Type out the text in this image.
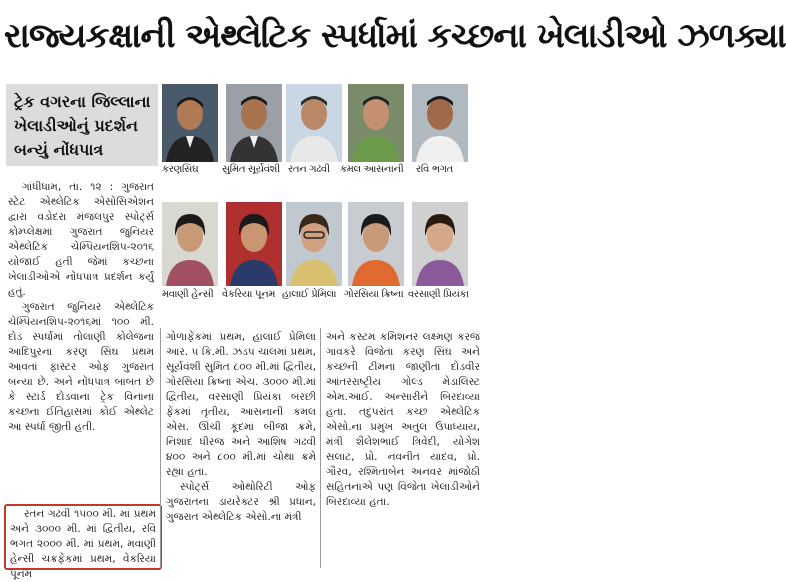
રાજ્યકક્ષાની એથ્લેટિક સ્પર્ધામાં કચ્છના ખેલાડીઓ ઝળક્યા
ટ્રેક વગરના જિલ્લાના ખેલાડીઓનું પ્રદર્શન બન્યું નોંધપાત્ર
કરણસિંઘ સુમિત સૂર્યવંશી રતન ગઢવી કમલ આસનાની રવિ ભગત
મવાણી હેન્સી વેકરિયા પૂનમ હાલાઈ પ્રેમિલા ગોરસિયા ક્રિષ્ના વરસાણી પ્રિયંકા

ગાંધીધામ, તા. ૧૨ : ગુજરાત સ્ટેટ એથ્લેટિક એસોસિએશન દ્વારા વડોદરા મંજલપુર સ્પોર્ટ્સ કોમ્પ્લેક્ષમાં ગુજરાત જુનિયર એથ્લેટિક ચેમ્પિયનશિપ-૨૦૧૬ યોજાઈ હતી જેમાં કચ્છના ખેલાડીઓએ નોંધપાત્ર પ્રદર્શન કર્યું હતું.

ગુજરાત જુનિયર એથ્લેટિક ચેમ્પિયનશિપ-૨૦૧૬માં ૧૦૦ મી. દોડ સ્પર્ધામાં તોલાણી કોલેજના આદિપુરના કરણ સિંઘ પ્રથમ આવતાં ફાસ્ટર ઓફ ગુજરાત બન્યા છે. અને નોંધપાત્ર બાબત છે કે સ્ટાર્ડ દોડવાના ટ્રેક વિનાના કચ્છના ઈતિહાસમાં કોઈ એથ્લેટ આ સ્પર્ધા જીતી હતી.

રતન ગઢવી ૧૫૦૦ મી. માં પ્રથમ અને ૩૦૦૦ મી. માં દ્વિતીય, રવિ ભગત ૨૦૦૦ મી. માં પ્રથમ, મવાણી હેન્સી ચક્રફેંકમાં પ્રથમ, વેકરિયા પૂનમ

ગોળાફેંકમાં પ્રથમ, હાલાઈ પ્રેમિલા આર. ૫ કિ.મી. ઝડપ ચાલમાં પ્રથમ, સૂર્યવંશી સુમિત ૮૦૦ મી.માં દ્વિતીય, ગોરસિયા ક્રિષ્ના એચ. ૩૦૦૦ મી.માં દ્વિતીય, વરસાણી પ્રિયંકા બરછી ફેંકમાં તૃતીય, આસનાની કમલ એસ. ઊંચી કૂદમાં બીજા ક્રમે, નિશાદ ધીરજ અને આશિષ ગઢવી ૪૦૦ અને ૮૦૦ મી.માં ચોથા ક્રમે રહ્યા હતા.

સ્પોર્ટ્સ ઓથોરિટી ઓફ ગુજરાતના ડાયરેક્ટર શ્રી પ્રધાન, ગુજરાત એથ્લેટિક એસો.ના મંત્રી

અને કસ્ટમ કમિશનર લક્ષ્મણ કરજ ગાવકરે વિજેતા કરણ સિંઘ અને કચ્છની ટીમના જાણીતા દોડવીર આંતરરાષ્ટ્રીય ગોલ્ડ મેડાલિસ્ટ એમ.આઈ. અન્સારીને બિરદાવ્યા હતા. તદુપરાંત કચ્છ એથ્લેટિક એસો.ના પ્રમુખ અતુલ ઉપાધ્યાય, મંત્રી શૈલેશભાઈ ત્રિવેદી, યોગેશ સલાટ, પ્રો. નવનીત યાદવ, પ્રો. ગૌરવ, રશ્મિતાબેન અનવર માંજોઠી સહિતનાએ પણ વિજેતા ખેલાડીઓને બિરદાવ્યા હતા.
